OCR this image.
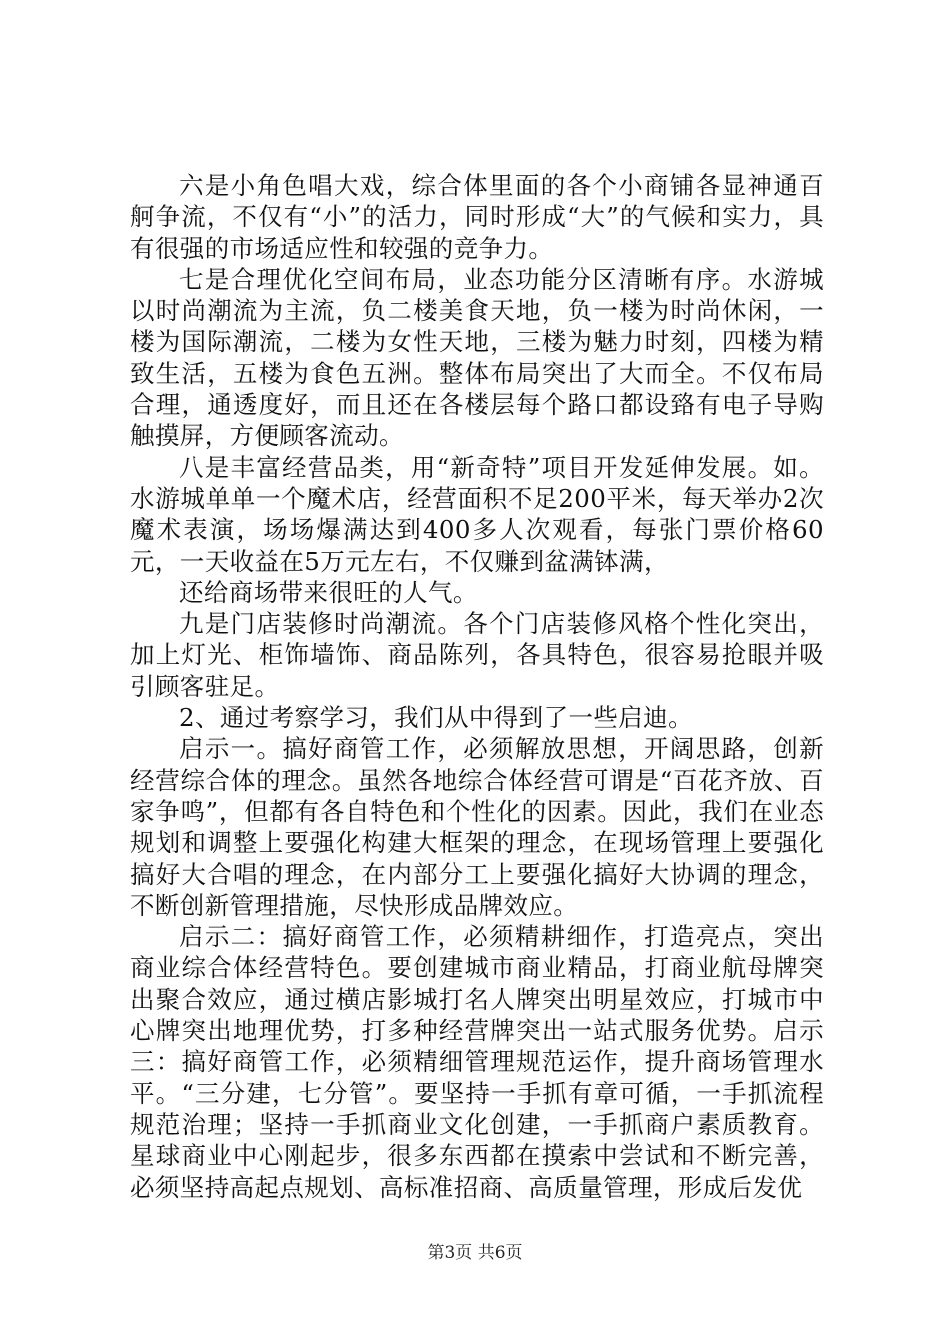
六是小角色唱大戏，综合体里面的各个小商铺各显神通百舸争流，不仅有“小”的活力，同时形成“大”的气候和实力，具有很强的市场适应性和较强的竞争力。

七是合理优化空间布局，业态功能分区清晰有序。水游城以时尚潮流为主流，负二楼美食天地，负一楼为时尚休闲，一楼为国际潮流，二楼为女性天地，三楼为魅力时刻，四楼为精致生活，五楼为食色五洲。整体布局突出了大而全。不仅布局合理，通透度好，而且还在各楼层每个路口都设臵有电子导购触摸屏，方便顾客流动。

八是丰富经营品类，用“新奇特”项目开发延伸发展。如。水游城单单一个魔术店，经营面积不足200平米，每天举办2次魔术表演，场场爆满达到400多人次观看，每张门票价格60元，一天收益在5万元左右，不仅赚到盆满钵满，

还给商场带来很旺的人气。

九是门店装修时尚潮流。各个门店装修风格个性化突出，加上灯光、柜饰墙饰、商品陈列，各具特色，很容易抢眼并吸引顾客驻足。

2、通过考察学习，我们从中得到了一些启迪。

启示一。搞好商管工作，必须解放思想，开阔思路，创新经营综合体的理念。虽然各地综合体经营可谓是“百花齐放、百家争鸣”，但都有各自特色和个性化的因素。因此，我们在业态规划和调整上要强化构建大框架的理念，在现场管理上要强化搞好大合唱的理念，在内部分工上要强化搞好大协调的理念，不断创新管理措施，尽快形成品牌效应。

启示二：搞好商管工作，必须精耕细作，打造亮点，突出商业综合体经营特色。要创建城市商业精品，打商业航母牌突出聚合效应，通过横店影城打名人牌突出明星效应，打城市中心牌突出地理优势，打多种经营牌突出一站式服务优势。启示三：搞好商管工作，必须精细管理规范运作，提升商场管理水平。“三分建，七分管”。要坚持一手抓有章可循，一手抓流程规范治理；坚持一手抓商业文化创建，一手抓商户素质教育。星球商业中心刚起步，很多东西都在摸索中尝试和不断完善，必须坚持高起点规划、高标准招商、高质量管理，形成后发优

第3页 共6页
